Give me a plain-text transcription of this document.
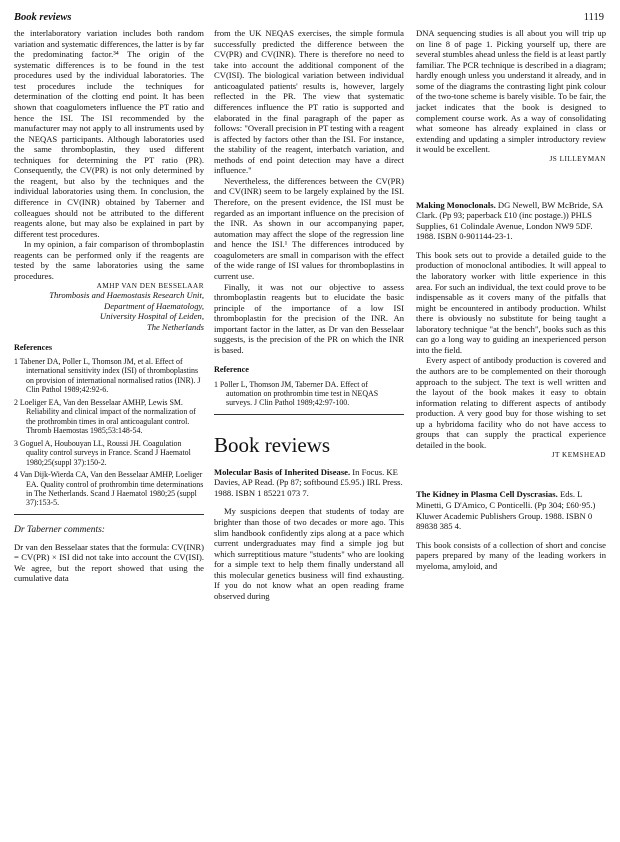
Book reviews	1119

the interlaboratory variation includes both random variation and systematic differences, the latter is by far the predominating factor.³⁴ The origin of the systematic differences is to be found in the test procedures used by the individual laboratories. The test procedures include the techniques for determination of the clotting end point. It has been shown that coagulometers influence the PT ratio and hence the ISI. The ISI recommended by the manufacturer may not apply to all instruments used by the NEQAS participants. Although laboratories used the same thromboplastin, they used different techniques for determining the PT ratio (PR). Consequently, the CV(PR) is not only determined by the reagent, but also by the techniques and the individual laboratories using them. In conclusion, the difference in CV(INR) obtained by Taberner and colleagues should not be attributed to the different reagents alone, but may also be explained in part by different test procedures.

In my opinion, a fair comparison of thromboplastin reagents can be performed only if the reagents are tested by the same laboratories using the same procedures.

AMHP VAN DEN BESSELAAR

Thrombosis and Haemostasis Research Unit,

Department of Haematology,

University Hospital of Leiden,

The Netherlands

References

1 Tabener DA, Poller L, Thomson JM, et al. Effect of international sensitivity index (ISI) of thromboplastins on provision of international normalised ratios (INR). J Clin Pathol 1989;42:92-6.

2 Loeliger EA, Van den Besselaar AMHP, Lewis SM. Reliability and clinical impact of the normalization of the prothrombin times in oral anticoagulant control. Thromb Haemostas 1985;53:148-54.

3 Goguel A, Houbouyan LL, Roussi JH. Coagulation quality control surveys in France. Scand J Haematol 1980;25(suppl 37):150-2.

4 Van Dijk-Wierda CA, Van den Besselaar AMHP, Loeliger EA. Quality control of prothrombin time determinations in The Netherlands. Scand J Haematol 1980;25 (suppl 37):153-5.

Dr Taberner comments:

Dr van den Besselaar states that the formula: CV(INR) = CV(PR) × ISI did not take into account the CV(ISI). We agree, but the report showed that using the cumulative data

from the UK NEQAS exercises, the simple formula successfully predicted the difference between the CV(PR) and CV(INR). There is therefore no need to take into account the additional component of the CV(ISI). The biological variation between individual anticoagulated patients' results is, however, largely reflected in the PR. The view that systematic differences influence the PT ratio is supported and elaborated in the final paragraph of the paper as follows: "Overall precision in PT testing with a reagent is affected by factors other than the ISI. For instance, the stability of the reagent, interbatch variation, and methods of end point detection may have a direct influence."

Nevertheless, the differences between the CV(PR) and CV(INR) seem to be largely explained by the ISI. Therefore, on the present evidence, the ISI must be regarded as an important influence on the precision of the INR. As shown in our accompanying paper, automation may affect the slope of the regression line and hence the ISI.¹ The differences introduced by coagulometers are small in comparison with the effect of the wide range of ISI values for thromboplastins in current use.

Finally, it was not our objective to assess thromboplastin reagents but to elucidate the basic principle of the importance of a low ISI thromboplastin for the precision of the INR. An important factor in the latter, as Dr van den Besselaar suggests, is the precision of the PR on which the INR is based.

Reference

1 Poller L, Thomson JM, Taberner DA. Effect of automation on prothrombin time test in NEQAS surveys. J Clin Pathol 1989;42:97-100.

Book reviews

Molecular Basis of Inherited Disease. In Focus. KE Davies, AP Read. (Pp 87; softbound £5.95.) IRL Press. 1988. ISBN 1 85221 073 7.

My suspicions deepen that students of today are brighter than those of two decades or more ago. This slim handbook confidently zips along at a pace which current undergraduates may find a simple jog but which surreptitious mature "students" who are looking for a simple text to help them finally understand all this molecular genetics business will find exhausting. If you do not know what an open reading frame observed during

DNA sequencing studies is all about you will trip up on line 8 of page 1. Picking yourself up, there are several stumbles ahead unless the field is at least partly familiar. The PCR technique is described in a diagram; hardly enough unless you understand it already, and in some of the diagrams the contrasting light pink colour of the two-tone scheme is barely visible. To be fair, the jacket indicates that the book is designed to complement course work. As a way of consolidating what someone has already explained in class or extending and updating a simpler introductory review it would be excellent.

JS LILLEYMAN

Making Monoclonals. DG Newell, BW McBride, SA Clark. (Pp 93; paperback £10 (inc postage.)) PHLS Supplies, 61 Colindale Avenue, London NW9 5DF. 1988. ISBN 0-901144-23-1.

This book sets out to provide a detailed guide to the production of monoclonal antibodies. It will appeal to the laboratory worker with little experience in this area. For such an individual, the text could prove to be indispensable as it covers many of the pitfalls that might be encountered in antibody production. Whilst there is obviously no substitute for being taught a laboratory technique "at the bench", books such as this can go a long way to guiding an inexperienced person into the field.

Every aspect of antibody production is covered and the authors are to be complemented on their thorough approach to the subject. The text is well written and the layout of the book makes it easy to obtain information relating to different aspects of antibody production. A very good buy for those wishing to set up a hybridoma facility who do not have access to groups that can supply the practical experience detailed in the book.

JT KEMSHEAD

The Kidney in Plasma Cell Dyscrasias. Eds. L Minetti, G D'Amico, C Ponticelli. (Pp 304; £60·95.) Kluwer Academic Publishers Group. 1988. ISBN 0 89838 385 4.

This book consists of a collection of short and concise papers prepared by many of the leading workers in myeloma, amyloid, and
